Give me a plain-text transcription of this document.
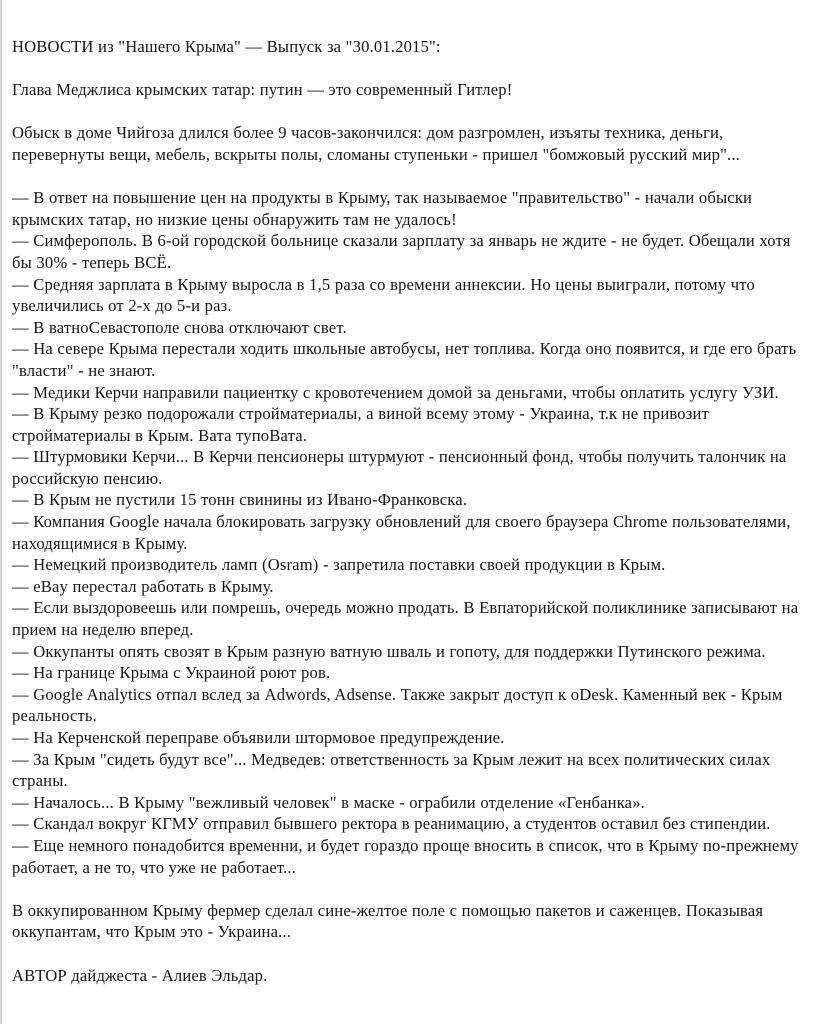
НОВОСТИ из "Нашего Крыма" — Выпуск за "30.01.2015":

Глава Меджлиса крымских татар: путин — это современный Гитлер!

Обыск в доме Чийгоза длился более 9 часов-закончился: дом разгромлен, изъяты техника, деньги, перевернуты вещи, мебель, вскрыты полы, сломаны ступеньки - пришел "бомжовый русский мир"...

— В ответ на повышение цен на продукты в Крыму, так называемое "правительство" - начали обыски крымских татар, но низкие цены обнаружить там не удалось!

— Симферополь. В 6-ой городской больнице сказали зарплату за январь не ждите - не будет. Обещали хотя бы 30% - теперь ВСЁ.

— Средняя зарплата в Крыму выросла в 1,5 раза со времени аннексии. Но цены выиграли, потому что увеличились от 2-х до 5-и раз.

— В ватноСевастополе снова отключают свет.

— На севере Крыма перестали ходить школьные автобусы, нет топлива. Когда оно появится, и где его брать "власти" - не знают.

— Медики Керчи направили пациентку с кровотечением домой за деньгами, чтобы оплатить услугу УЗИ.

— В Крыму резко подорожали стройматериалы, а виной всему этому - Украина, т.к не привозит стройматериалы в Крым. Вата тупоВата.

— Штурмовики Керчи... В Керчи пенсионеры штурмуют - пенсионный фонд, чтобы получить талончик на российскую пенсию.

— В Крым не пустили 15 тонн свинины из Ивано-Франковска.

— Компания Google начала блокировать загрузку обновлений для своего браузера Chrome пользователями, находящимися в Крыму.

— Немецкий производитель ламп (Osram) - запретила поставки своей продукции в Крым.

— eBay перестал работать в Крыму.

— Если выздоровеешь или помрешь, очередь можно продать. В Евпаторийской поликлинике записывают на прием на неделю вперед.

— Оккупанты опять свозят в Крым разную ватную шваль и гопоту, для поддержки Путинского режима.

— На границе Крыма с Украиной роют ров.

— Google Analytics отпал вслед за Adwords, Adsense. Также закрыт доступ к oDesk. Каменный век - Крым реальность.

— На Керченской переправе объявили штормовое предупреждение.

— За Крым "сидеть будут все"... Медведев: ответственность за Крым лежит на всех политических силах страны.

— Началось... В Крыму "вежливый человек" в маске - ограбили отделение «Генбанка».

— Скандал вокруг КГМУ отправил бывшего ректора в реанимацию, а студентов оставил без стипендии.

— Еще немного понадобится временни, и будет гораздо проще вносить в список, что в Крыму по-прежнему работает, а не то, что уже не работает...

В оккупированном Крыму фермер сделал сине-желтое поле с помощью пакетов и саженцев. Показывая оккупантам, что Крым это - Украина...

АВТОР дайджеста - Алиев Эльдар.
